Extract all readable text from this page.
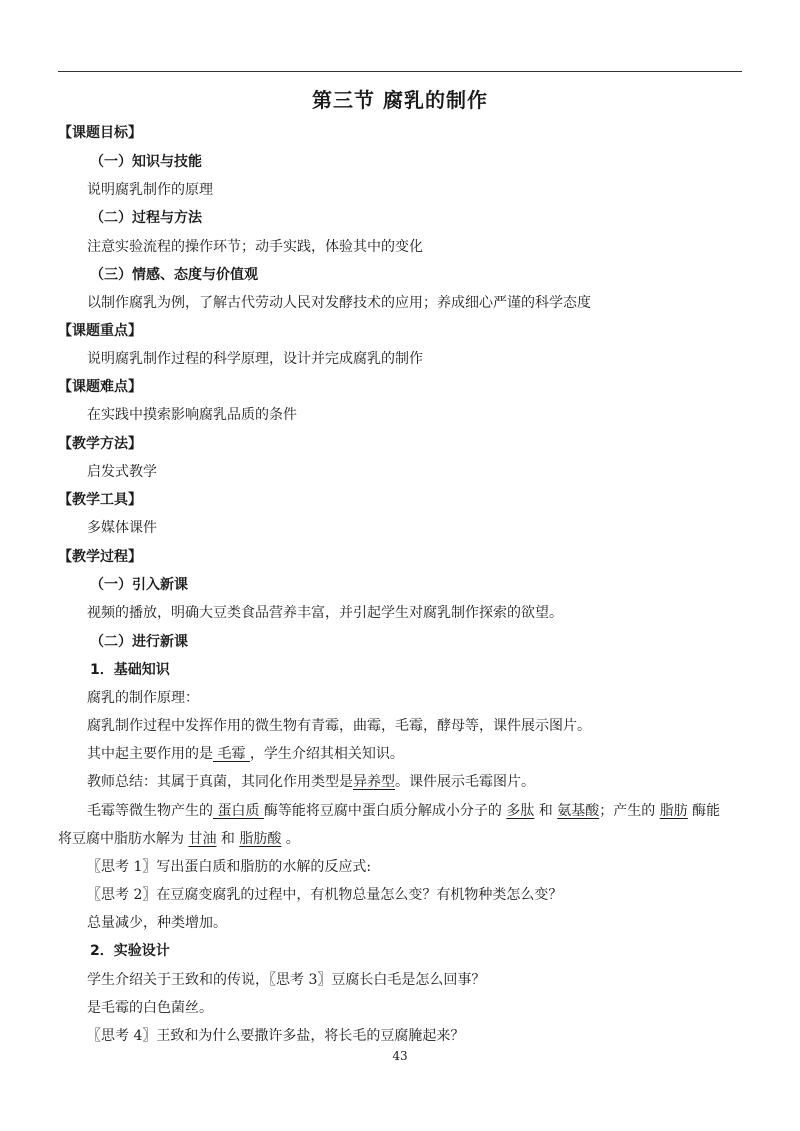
第三节 腐乳的制作
【课题目标】
（一）知识与技能
说明腐乳制作的原理
（二）过程与方法
注意实验流程的操作环节；动手实践，体验其中的变化
（三）情感、态度与价值观
以制作腐乳为例，了解古代劳动人民对发酵技术的应用；养成细心严谨的科学态度
【课题重点】
说明腐乳制作过程的科学原理，设计并完成腐乳的制作
【课题难点】
在实践中摸索影响腐乳品质的条件
【教学方法】
启发式教学
【教学工具】
多媒体课件
【教学过程】
（一）引入新课
视频的播放，明确大豆类食品营养丰富，并引起学生对腐乳制作探索的欲望。
（二）进行新课
1．基础知识
腐乳的制作原理：
腐乳制作过程中发挥作用的微生物有青霉，曲霉，毛霉，酵母等，课件展示图片。
其中起主要作用的是 毛霉 ，学生介绍其相关知识。
教师总结：其属于真菌，其同化作用类型是异养型。课件展示毛霉图片。
毛霉等微生物产生的 蛋白质 酶等能将豆腐中蛋白质分解成小分子的 多肽 和 氨基酸；产生的 脂肪 酶能
将豆腐中脂肪水解为 甘油 和 脂肪酸 。
〖思考 1〗写出蛋白质和脂肪的水解的反应式:
〖思考 2〗在豆腐变腐乳的过程中，有机物总量怎么变？有机物种类怎么变？
总量减少，种类增加。
2．实验设计
学生介绍关于王致和的传说，〖思考 3〗豆腐长白毛是怎么回事？
是毛霉的白色菌丝。
〖思考 4〗王致和为什么要撒许多盐，将长毛的豆腐腌起来？
43
